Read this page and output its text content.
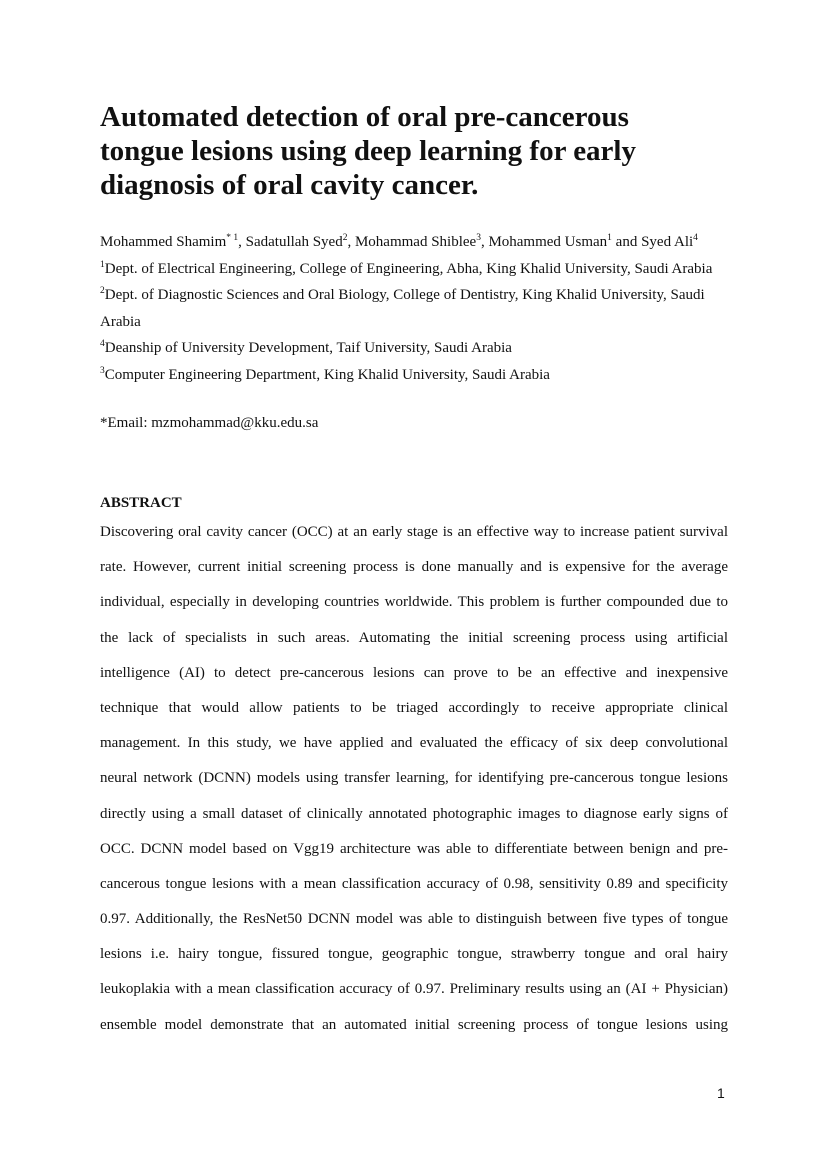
Automated detection of oral pre-cancerous
tongue lesions using deep learning for early
diagnosis of oral cavity cancer.
Mohammed Shamim$^{* 1}$, Sadatullah Syed$^2$, Mohammad Shiblee$^3$, Mohammed Usman$^1$ and Syed Ali$^4$
$^1$Dept. of Electrical Engineering, College of Engineering, Abha, King Khalid University, Saudi Arabia
$^2$Dept. of Diagnostic Sciences and Oral Biology, College of Dentistry, King Khalid University, Saudi
Arabia
$^4$Deanship of University Development, Taif University, Saudi Arabia
$^3$Computer Engineering Department, King Khalid University, Saudi Arabia
*Email: mzmohammad@kku.edu.sa
ABSTRACT
Discovering oral cavity cancer (OCC) at an early stage is an effective way to increase patient survival
rate. However, current initial screening process is done manually and is expensive for the average
individual, especially in developing countries worldwide. This problem is further compounded due to
the lack of specialists in such areas. Automating the initial screening process using artificial
intelligence (AI) to detect pre-cancerous lesions can prove to be an effective and inexpensive
technique that would allow patients to be triaged accordingly to receive appropriate clinical
management. In this study, we have applied and evaluated the efficacy of six deep convolutional
neural network (DCNN) models using transfer learning, for identifying pre-cancerous tongue lesions
directly using a small dataset of clinically annotated photographic images to diagnose early signs of
OCC. DCNN model based on Vgg19 architecture was able to differentiate between benign and pre-
cancerous tongue lesions with a mean classification accuracy of 0.98, sensitivity 0.89 and specificity
0.97. Additionally, the ResNet50 DCNN model was able to distinguish between five types of tongue
lesions i.e. hairy tongue, fissured tongue, geographic tongue, strawberry tongue and oral hairy
leukoplakia with a mean classification accuracy of 0.97. Preliminary results using an (AI + Physician)
ensemble model demonstrate that an automated initial screening process of tongue lesions using
1
